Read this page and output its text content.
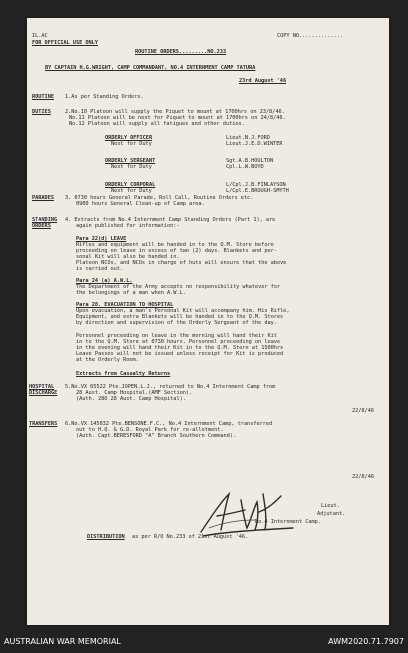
IL.AC
FOR OFFICIAL USE ONLY
COPY NO..............
ROUTINE ORDERS.........NO.233
BY CAPTAIN H.G.WRIGHT, CAMP COMMANDANT, NO.4 INTERNMENT CAMP TATURA
23rd August '46
ROUTINE 1.As per Standing Orders.
DUTIES	2.No.10 Platoon will supply the Piquet to mount at 1700hrs on 23/8/46.
No.11 Platoon will be next for Piquet to mount at 1700hrs on 24/8/46.
No.12 Platoon will supply all fatigues and other duties.
ORDERLY OFFICER	Lieut.N.J.FORD
Next for Duty	Lieut.J.E.D.WINTER
ORDERLY SERGEANT	Sgt.A.B.HOULTON
Next for Duty	Cpl.L.W.BOYD
ORDERLY CORPORAL	L/Cpl.J.B.FINLAYSON
Next for Duty	L/Cpl.E.BROUGH-SMYTH
PARADES 3. 0730 hours General Parade, Roll Call, Routine Orders etc.
0900 hours General Clean-up of Camp area.
STANDING
ORDERS
4. Extracts from No.4 Internment Camp Standing Orders (Part 1), are
again published for information:-
Para 22(d) LEAVE
Rifles and equipment will be handed in to the Q.M. Store before
proceeding on leave in excess of two (2) days. Blankets and per-
sonal Kit will also be handed in.
Platoon NCOs, and NCOs in charge of huts will ensure that the above
is carried out.
Para 24 (a) A.W.L.
The Department of the Army accepts no responsibility whatever for
the belongings of a man when A.W.L.
Para 28. EVACUATION TO HOSPITAL
Upon evacuation, a man's Personal Kit will accompany him. His Rifle,
Equipment, and extra Blankets will be handed in to the Q.M. Stores
by direction and supervision of the Orderly Sergeant of the day.
Personnel proceeding on leave in the morning will hand their Kit
in to the Q.M. Store at 0730 hours. Personnel proceeding on leave
in the evening will hand their Kit in to the Q.M. Store at 1500hrs
Leave Passes will not be issued unless receipt for Kit is produced
at the Orderly Room.
Extracts from Casualty Returns
HOSPITAL
DISCHARGE
5.No.VX 65522 Pte.JOPEN.L.J., returned to No.4 Internment Camp from
28 Aust. Camp Hospital.(AMF Section).
(Auth. 28O 28 Aust. Camp Hospital).
22/8/46
TRANSFERS 6.No.VX 145032 Pte.BENSONE.F.C., No.4 Internment Camp, transferred
out to H.Q. & G.D. Royal Park for re-allotment.
(Auth. Capt.BERESFORD "A" Branch Southern Command).
22/8/46
Lieut.
Adjutant.
No.4 Internment Camp.
DISTRIBUTION as per R/O No.233 of 21st August '46.
AUSTRALIAN WAR MEMORIAL	AWM2020.71.7907
